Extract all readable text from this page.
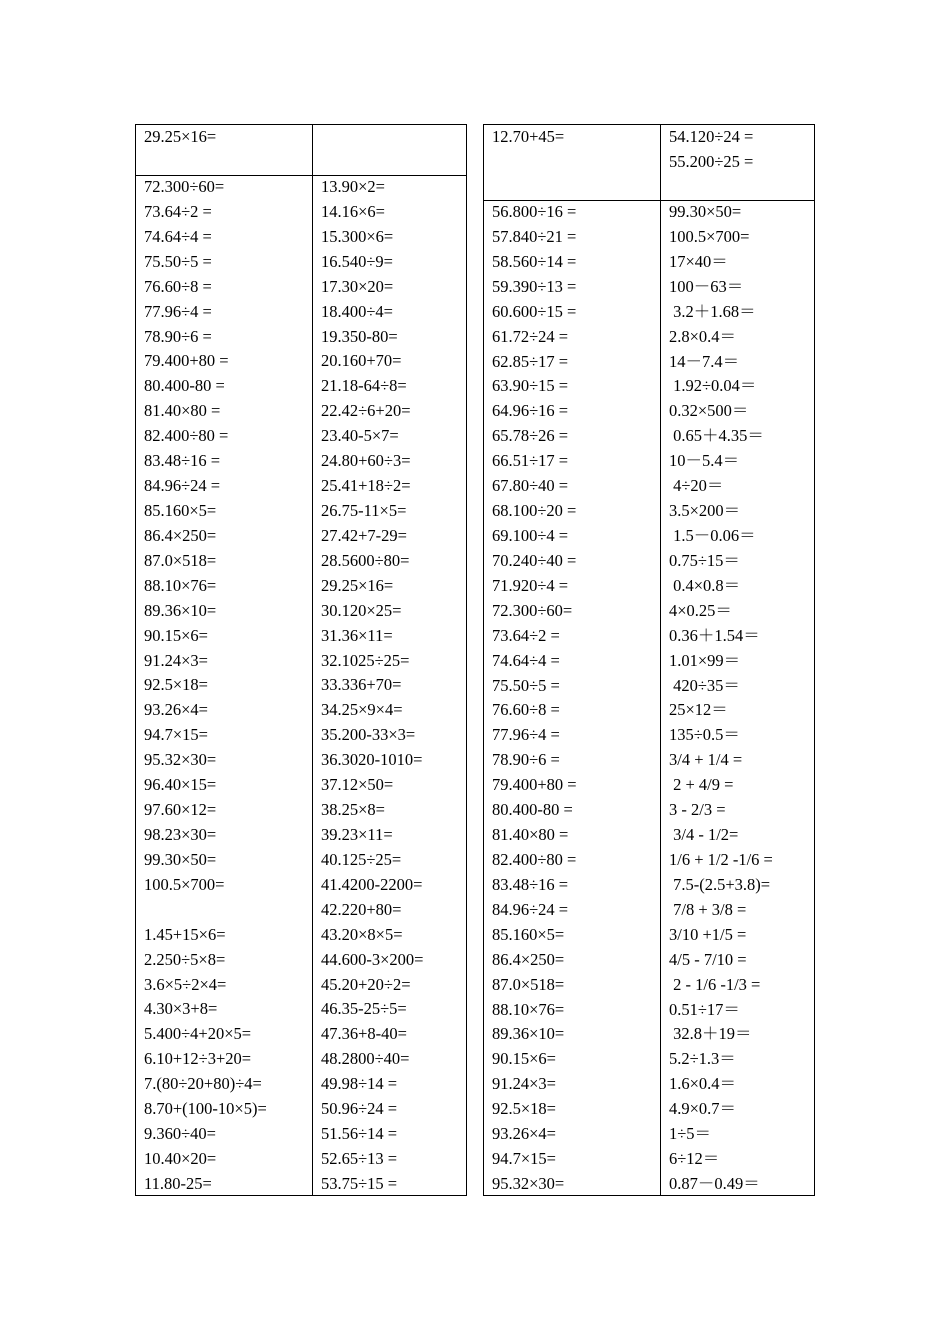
29.25×16=
72.300÷60=
73.64÷2 =
74.64÷4 =
75.50÷5 =
76.60÷8 =
77.96÷4 =
78.90÷6 =
79.400+80 =
80.400-80 =
81.40×80 =
82.400÷80 =
83.48÷16 =
84.96÷24 =
85.160×5=
86.4×250=
87.0×518=
88.10×76=
89.36×10=
90.15×6=
91.24×3=
92.5×18=
93.26×4=
94.7×15=
95.32×30=
96.40×15=
97.60×12=
98.23×30=
99.30×50=
100.5×700=
1.45+15×6=
2.250÷5×8=
3.6×5÷2×4=
4.30×3+8=
5.400÷4+20×5=
6.10+12÷3+20=
7.(80÷20+80)÷4=
8.70+(100-10×5)=
9.360÷40=
10.40×20=
11.80-25=
13.90×2=
14.16×6=
15.300×6=
16.540÷9=
17.30×20=
18.400÷4=
19.350-80=
20.160+70=
21.18-64÷8=
22.42÷6+20=
23.40-5×7=
24.80+60÷3=
25.41+18÷2=
26.75-11×5=
27.42+7-29=
28.5600÷80=
29.25×16=
30.120×25=
31.36×11=
32.1025÷25=
33.336+70=
34.25×9×4=
35.200-33×3=
36.3020-1010=
37.12×50=
38.25×8=
39.23×11=
40.125÷25=
41.4200-2200=
42.220+80=
43.20×8×5=
44.600-3×200=
45.20+20÷2=
46.35-25÷5=
47.36+8-40=
48.2800÷40=
49.98÷14 =
50.96÷24 =
51.56÷14 =
52.65÷13 =
53.75÷15 =
12.70+45=	54.120÷24 =
55.200÷25 =
56.800÷16 =
57.840÷21 =
58.560÷14 =
59.390÷13 =
60.600÷15 =
61.72÷24 =
62.85÷17 =
63.90÷15 =
64.96÷16 =
65.78÷26 =
66.51÷17 =
67.80÷40 =
68.100÷20 =
69.100÷4 =
70.240÷40 =
71.920÷4 =
72.300÷60=
73.64÷2 =
74.64÷4 =
75.50÷5 =
76.60÷8 =
77.96÷4 =
78.90÷6 =
79.400+80 =
80.400-80 =
81.40×80 =
82.400÷80 =
83.48÷16 =
84.96÷24 =
85.160×5=
86.4×250=
87.0×518=
88.10×76=
89.36×10=
90.15×6=
91.24×3=
92.5×18=
93.26×4=
94.7×15=
95.32×30=
99.30×50=
100.5×700=
17×40＝
100－63＝
3.2＋1.68＝
2.8×0.4＝
14－7.4＝
1.92÷0.04＝
0.32×500＝
0.65＋4.35＝
10－5.4＝
4÷20＝
3.5×200＝
1.5－0.06＝
0.75÷15＝
0.4×0.8＝
4×0.25＝
0.36＋1.54＝
1.01×99＝
420÷35＝
25×12＝
135÷0.5＝
3/4 + 1/4 =
2 + 4/9 =
3 - 2/3 =
3/4 - 1/2=
1/6 + 1/2 -1/6 =
7.5-(2.5+3.8)=
7/8 + 3/8 =
3/10 +1/5 =
4/5 - 7/10 =
2 - 1/6 -1/3 =
0.51÷17＝
32.8＋19＝
5.2÷1.3＝
1.6×0.4＝
4.9×0.7＝
1÷5＝
6÷12＝
0.87－0.49＝
